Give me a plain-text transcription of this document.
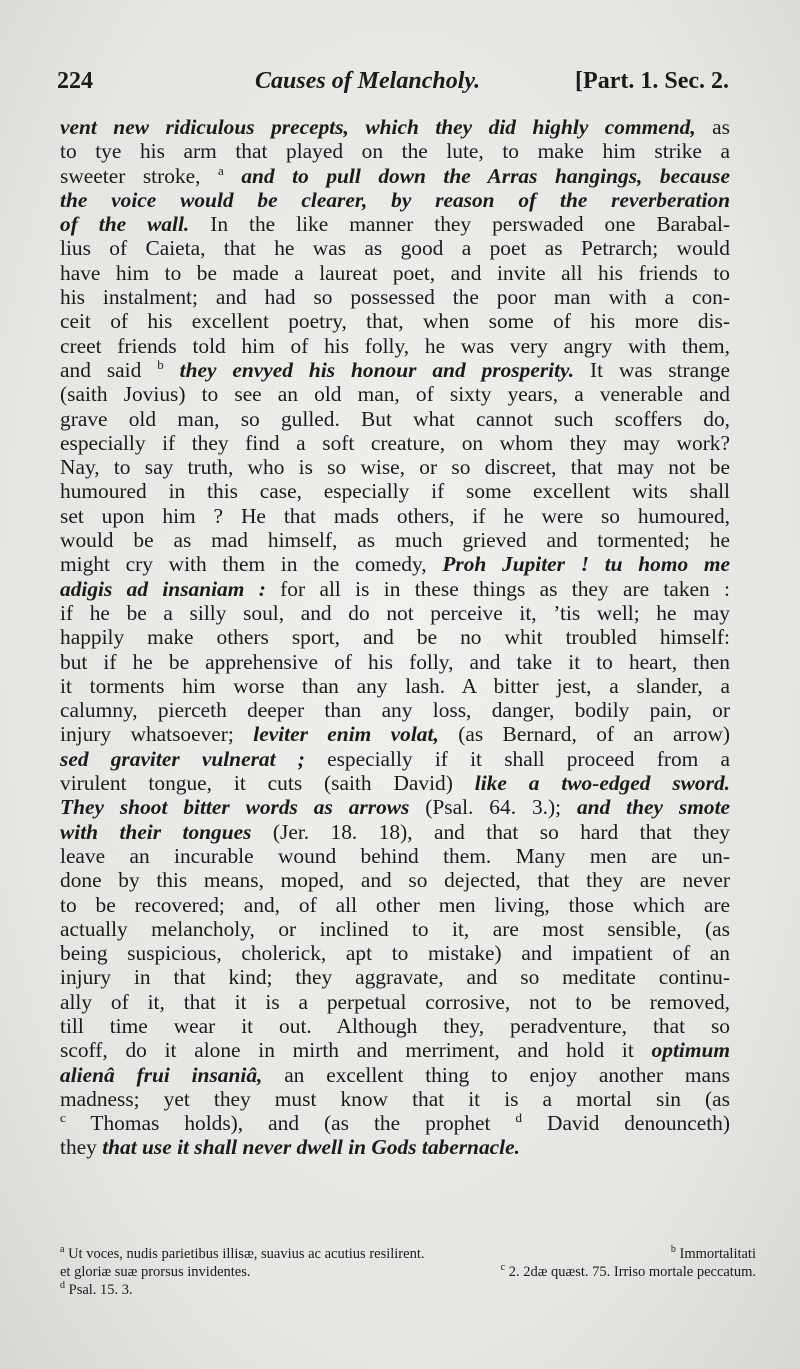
224	Causes of Melancholy.	[Part. 1. Sec. 2.
vent new ridiculous precepts, which they did highly commend, as
to tye his arm that played on the lute, to make him strike a
sweeter stroke, $^a$ and to pull down the Arras hangings, because
the voice would be clearer, by reason of the reverberation
of the wall. In the like manner they perswaded one Barabal-
lius of Caieta, that he was as good a poet as Petrarch; would
have him to be made a laureat poet, and invite all his friends to
his instalment; and had so possessed the poor man with a con-
ceit of his excellent poetry, that, when some of his more dis-
creet friends told him of his folly, he was very angry with them,
and said $^b$ they envyed his honour and prosperity. It was strange
(saith Jovius) to see an old man, of sixty years, a venerable and
grave old man, so gulled. But what cannot such scoffers do,
especially if they find a soft creature, on whom they may work?
Nay, to say truth, who is so wise, or so discreet, that may not be
humoured in this case, especially if some excellent wits shall
set upon him ? He that mads others, if he were so humoured,
would be as mad himself, as much grieved and tormented; he
might cry with them in the comedy, Proh Jupiter ! tu homo me
adigis ad insaniam : for all is in these things as they are taken :
if he be a silly soul, and do not perceive it, ’tis well; he may
happily make others sport, and be no whit troubled himself:
but if he be apprehensive of his folly, and take it to heart, then
it torments him worse than any lash. A bitter jest, a slander, a
calumny, pierceth deeper than any loss, danger, bodily pain, or
injury whatsoever; leviter enim volat, (as Bernard, of an arrow)
sed graviter vulnerat ; especially if it shall proceed from a
virulent tongue, it cuts (saith David) like a two-edged sword.
They shoot bitter words as arrows (Psal. 64. 3.); and they smote
with their tongues (Jer. 18. 18), and that so hard that they
leave an incurable wound behind them. Many men are un-
done by this means, moped, and so dejected, that they are never
to be recovered; and, of all other men living, those which are
actually melancholy, or inclined to it, are most sensible, (as
being suspicious, cholerick, apt to mistake) and impatient of an
injury in that kind; they aggravate, and so meditate continu-
ally of it, that it is a perpetual corrosive, not to be removed,
till time wear it out. Although they, peradventure, that so
scoff, do it alone in mirth and merriment, and hold it optimum
alienâ frui insaniâ, an excellent thing to enjoy another mans
madness; yet they must know that it is a mortal sin (as
$^c$ Thomas holds), and (as the prophet $^d$ David denounceth)
they that use it shall never dwell in Gods tabernacle.
$^a$ Ut voces, nudis parietibus illisæ, suavius ac acutius resilirent.	$^b$ Immortalitati
et gloriæ suæ prorsus invidentes.	$^c$ 2. 2dæ quæst. 75. Irriso mortale peccatum.
$^d$ Psal. 15. 3.
